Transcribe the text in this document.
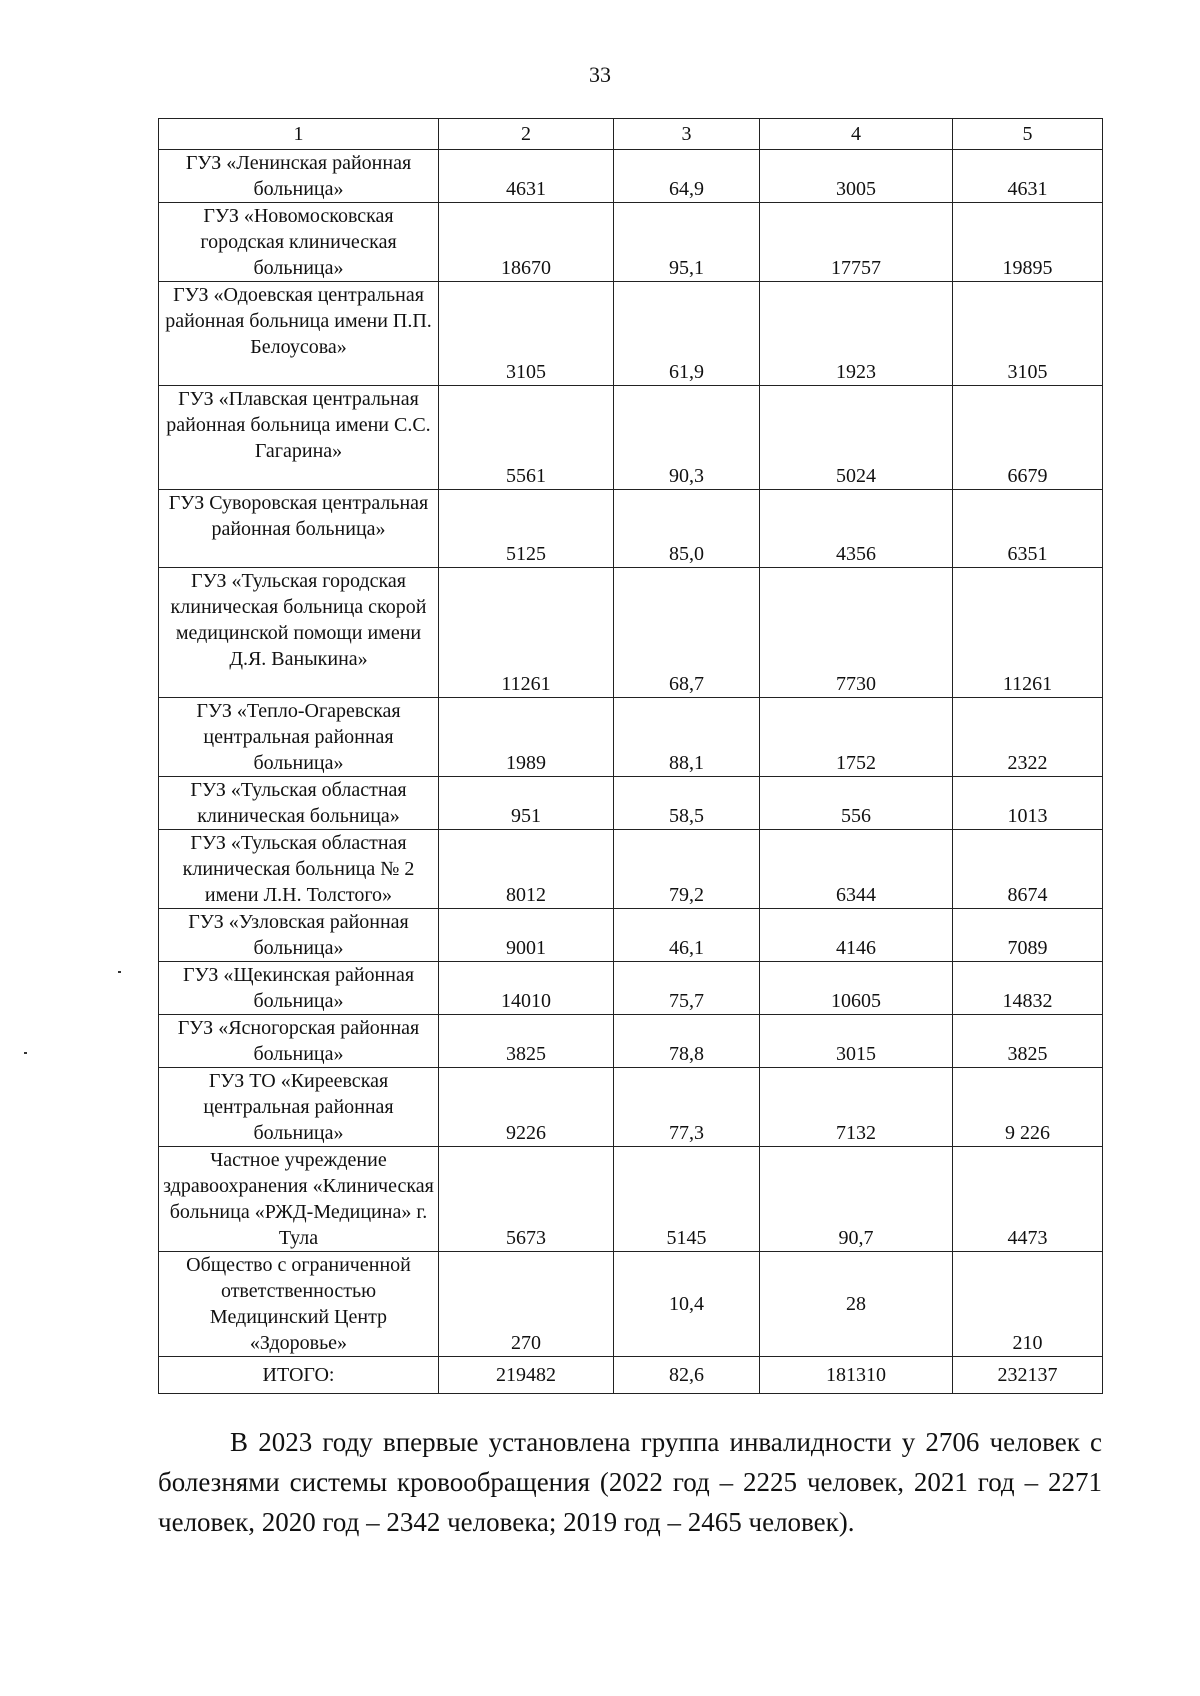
33
1	2	3	4	5
ГУЗ «Ленинская районная больница»	4631	64,9	3005	4631
ГУЗ «Новомосковская городская клиническая больница»	18670	95,1	17757	19895
ГУЗ «Одоевская центральная районная больница имени П.П. Белоусова»	3105	61,9	1923	3105
ГУЗ «Плавская центральная районная больница имени С.С. Гагарина»	5561	90,3	5024	6679
ГУЗ Суворовская центральная районная больница»	5125	85,0	4356	6351
ГУЗ «Тульская городская клиническая больница скорой медицинской помощи имени Д.Я. Ваныкина»	11261	68,7	7730	11261
ГУЗ «Тепло-Огаревская центральная районная больница»	1989	88,1	1752	2322
ГУЗ «Тульская областная клиническая больница»	951	58,5	556	1013
ГУЗ «Тульская областная клиническая больница № 2 имени Л.Н. Толстого»	8012	79,2	6344	8674
ГУЗ «Узловская районная больница»	9001	46,1	4146	7089
ГУЗ «Щекинская районная больница»	14010	75,7	10605	14832
ГУЗ «Ясногорская районная больница»	3825	78,8	3015	3825
ГУЗ ТО «Киреевская центральная районная больница»	9226	77,3	7132	9 226
Частное учреждение здравоохранения «Клиническая больница «РЖД-Медицина» г. Тула	5673	5145	90,7	4473
Общество с ограниченной ответственностью Медицинский Центр «Здоровье»	270	10,4	28	210
ИТОГО:	219482	82,6	181310	232137

В 2023 году впервые установлена группа инвалидности у 2706 человек с болезнями системы кровообращения (2022 год – 2225 человек, 2021 год – 2271 человек, 2020 год – 2342 человека; 2019 год – 2465 человек).
